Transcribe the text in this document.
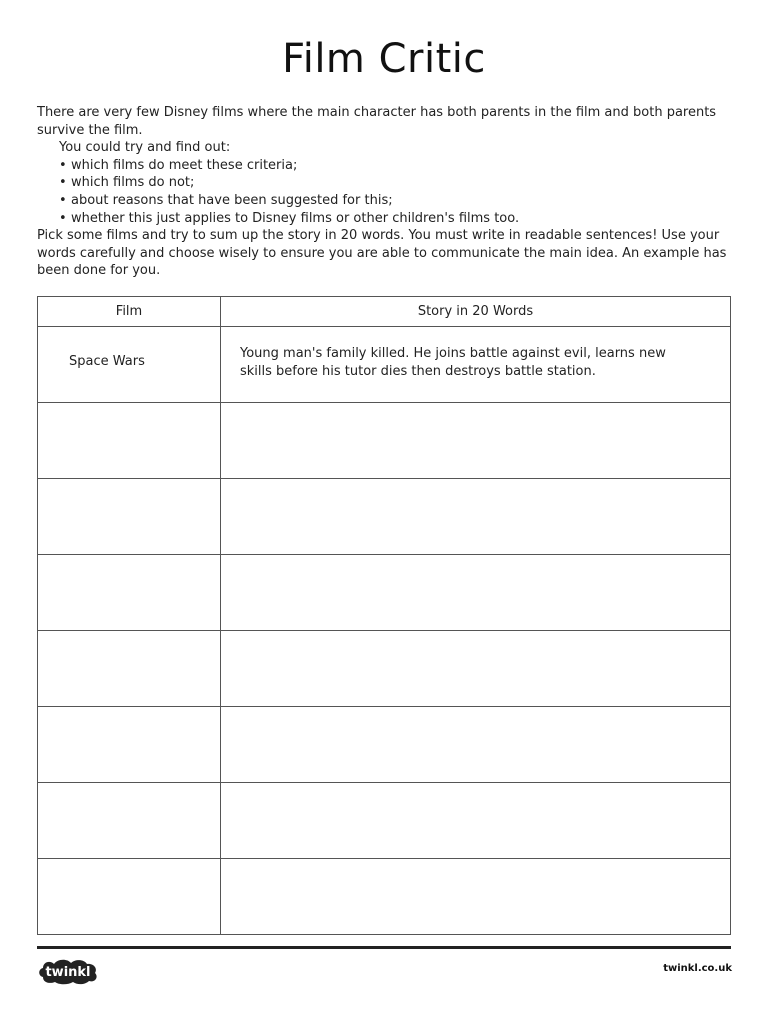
Film Critic

There are very few Disney films where the main character has both parents in the film and both parents survive the film.

You could try and find out:

• which films do meet these criteria;
• which films do not;
• about reasons that have been suggested for this;
• whether this just applies to Disney films or other children's films too.

Pick some films and try to sum up the story in 20 words. You must write in readable sentences! Use your words carefully and choose wisely to ensure you are able to communicate the main idea. An example has been done for you.

Film	Story in 20 Words

Space Wars	Young man's family killed. He joins battle against evil, learns new skills before his tutor dies then destroys battle station.

twinkl	twinkl.co.uk
